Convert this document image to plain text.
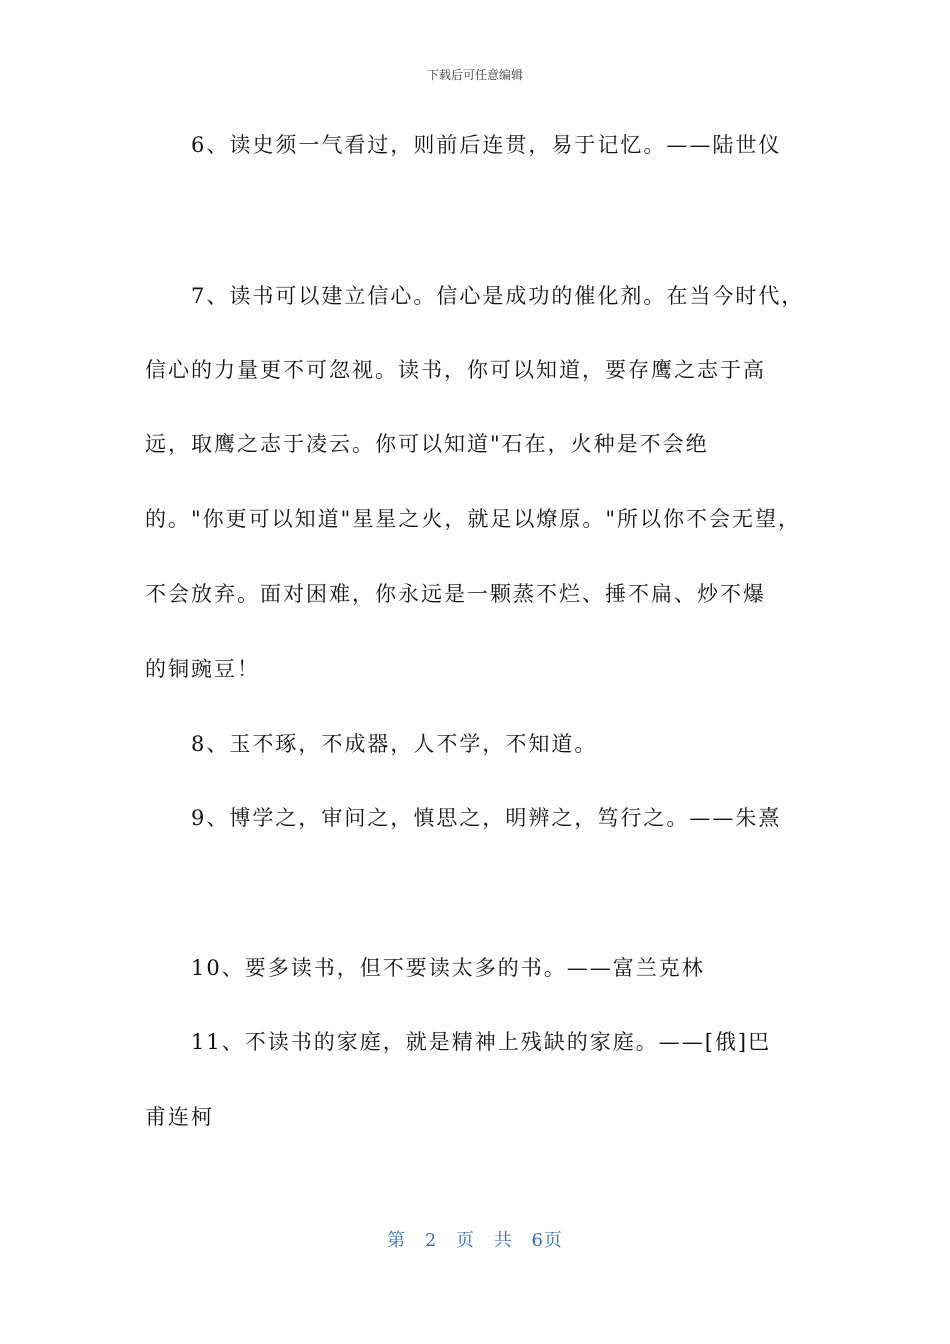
下载后可任意编辑
6、读史须一气看过，则前后连贯，易于记忆。——陆世仪
7、读书可以建立信心。信心是成功的催化剂。在当今时代，
信心的力量更不可忽视。读书，你可以知道，要存鹰之志于高
远，取鹰之志于凌云。你可以知道"石在，火种是不会绝
的。"你更可以知道"星星之火，就足以燎原。"所以你不会无望，
不会放弃。面对困难，你永远是一颗蒸不烂、捶不扁、炒不爆
的铜豌豆！
8、玉不琢，不成器，人不学，不知道。
9、博学之，审问之，慎思之，明辨之，笃行之。——朱熹
10、要多读书，但不要读太多的书。——富兰克林
11、不读书的家庭，就是精神上残缺的家庭。——[俄]巴
甫连柯
第 2 页 共 6页
